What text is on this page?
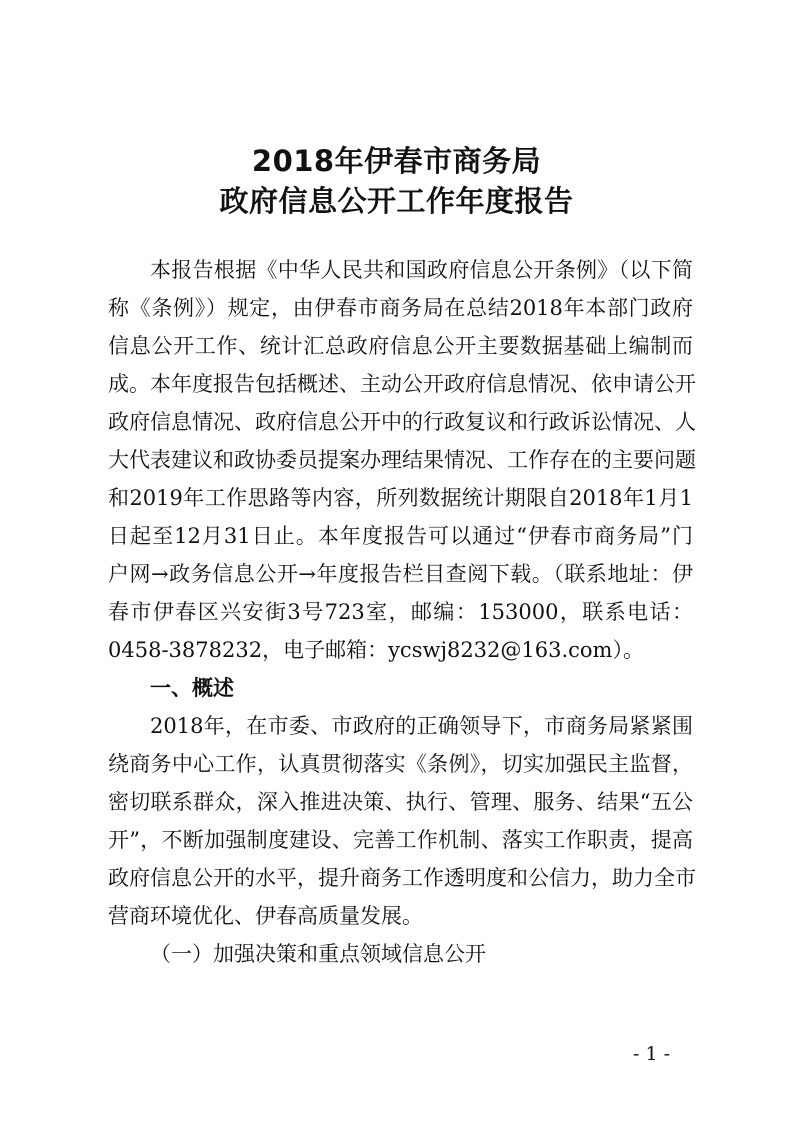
2018年伊春市商务局
政府信息公开工作年度报告
本报告根据《中华人民共和国政府信息公开条例》（以下简
称《条例》）规定，由伊春市商务局在总结2018年本部门政府
信息公开工作、统计汇总政府信息公开主要数据基础上编制而
成。本年度报告包括概述、主动公开政府信息情况、依申请公开
政府信息情况、政府信息公开中的行政复议和行政诉讼情况、人
大代表建议和政协委员提案办理结果情况、工作存在的主要问题
和2019年工作思路等内容，所列数据统计期限自2018年1月1
日起至12月31日止。本年度报告可以通过“伊春市商务局”门
户网→政务信息公开→年度报告栏目查阅下载。（联系地址：伊
春市伊春区兴安街3号723室，邮编：153000，联系电话：
0458-3878232，电子邮箱：ycswj8232@163.com）。
一、概述
2018年，在市委、市政府的正确领导下，市商务局紧紧围
绕商务中心工作，认真贯彻落实《条例》，切实加强民主监督，
密切联系群众，深入推进决策、执行、管理、服务、结果“五公
开”，不断加强制度建设、完善工作机制、落实工作职责，提高
政府信息公开的水平，提升商务工作透明度和公信力，助力全市
营商环境优化、伊春高质量发展。
（一）加强决策和重点领域信息公开
- 1 -
